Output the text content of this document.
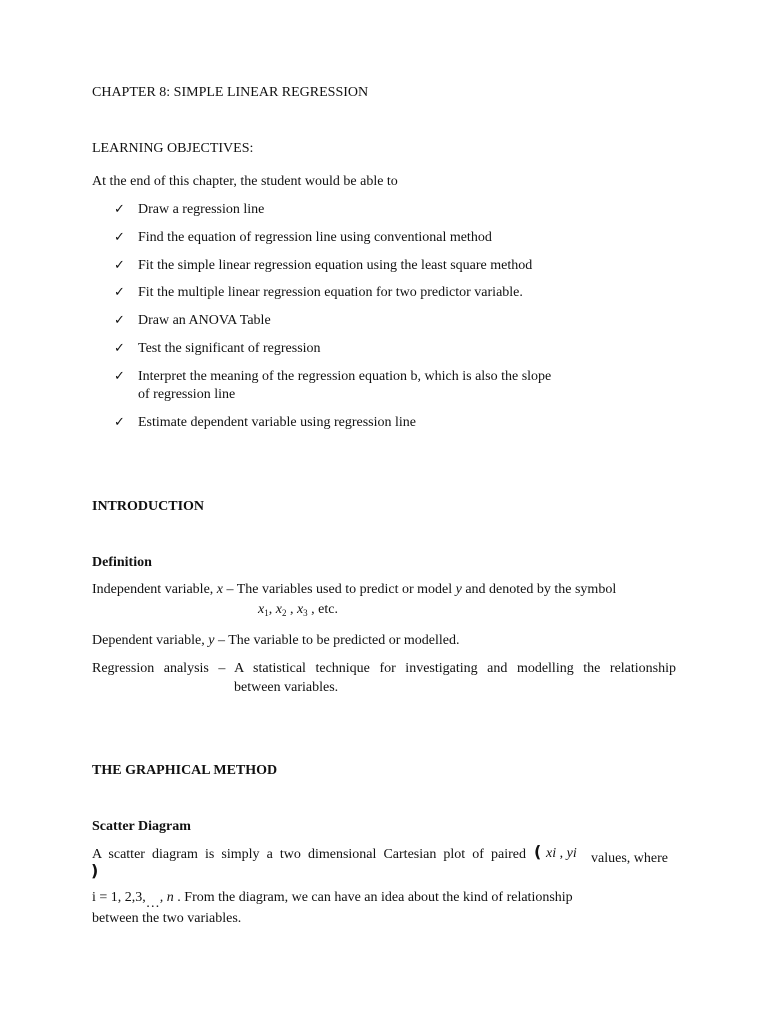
CHAPTER 8: SIMPLE LINEAR REGRESSION
LEARNING OBJECTIVES:
At the end of this chapter, the student would be able to
✓ Draw a regression line
✓ Find the equation of regression line using conventional method
✓ Fit the simple linear regression equation using the least square method
✓ Fit the multiple linear regression equation for two predictor variable.
✓ Draw an ANOVA Table
✓ Test the significant of regression
✓ Interpret the meaning of the regression equation b, which is also the slope
of regression line
✓ Estimate dependent variable using regression line
INTRODUCTION
Definition
Independent variable, x – The variables used to predict or model y and denoted by the symbol
$x_1$, $x_2$ , $x_3$ , etc.
Dependent variable, y – The variable to be predicted or modelled.
Regression analysis – A statistical technique for investigating and modelling the relationship
between variables.
THE GRAPHICAL METHOD
Scatter Diagram
A scatter diagram is simply a two dimensional Cartesian plot of paired ( xi , yi values, where
)
i = 1, 2,3,…, n . From the diagram, we can have an idea about the kind of relationship
between the two variables.
